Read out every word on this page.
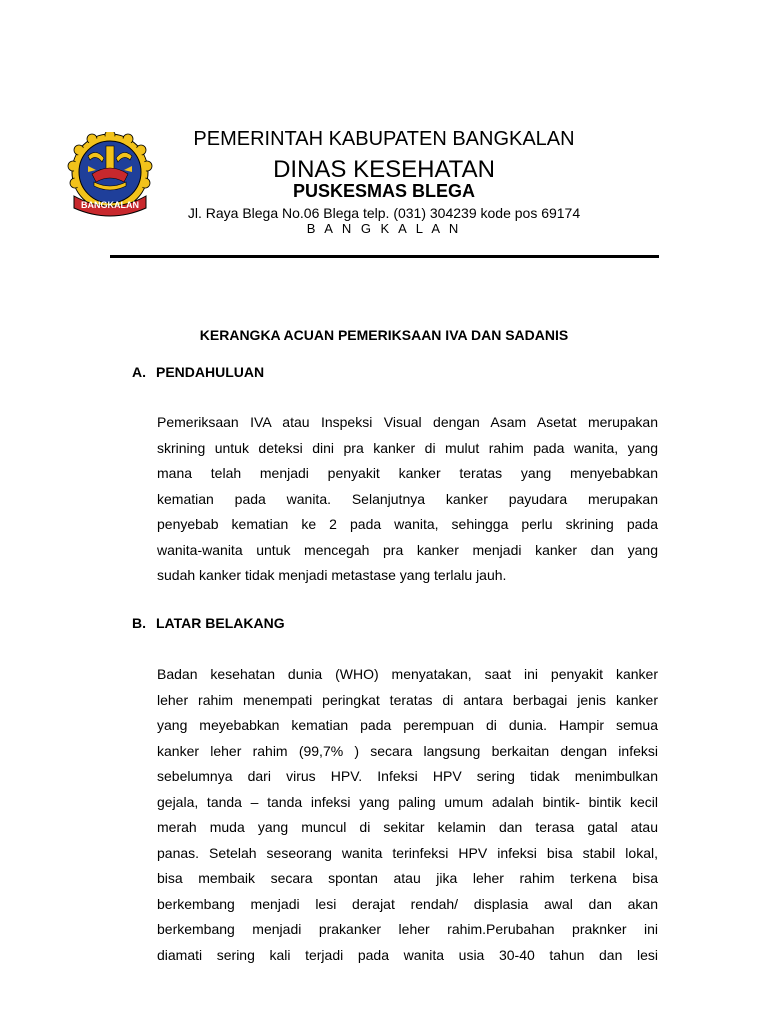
BANGKALAN
PEMERINTAH KABUPATEN BANGKALAN
DINAS KESEHATAN
PUSKESMAS BLEGA
Jl. Raya Blega No.06 Blega telp. (031) 304239 kode pos 69174
B A N G K A L A N
KERANGKA ACUAN PEMERIKSAAN IVA DAN SADANIS
A. PENDAHULUAN
Pemeriksaan IVA atau Inspeksi Visual dengan Asam Asetat merupakan
skrining untuk deteksi dini pra kanker di mulut rahim pada wanita, yang
mana telah menjadi penyakit kanker teratas yang menyebabkan
kematian pada wanita. Selanjutnya kanker payudara merupakan
penyebab kematian ke 2 pada wanita, sehingga perlu skrining pada
wanita-wanita untuk mencegah pra kanker menjadi kanker dan yang
sudah kanker tidak menjadi metastase yang terlalu jauh.
B. LATAR BELAKANG
Badan kesehatan dunia (WHO) menyatakan, saat ini penyakit kanker
leher rahim menempati peringkat teratas di antara berbagai jenis kanker
yang meyebabkan kematian pada perempuan di dunia. Hampir semua
kanker leher rahim (99,7% ) secara langsung berkaitan dengan infeksi
sebelumnya dari virus HPV. Infeksi HPV sering tidak menimbulkan
gejala, tanda – tanda infeksi yang paling umum adalah bintik- bintik kecil
merah muda yang muncul di sekitar kelamin dan terasa gatal atau
panas. Setelah seseorang wanita terinfeksi HPV infeksi bisa stabil lokal,
bisa membaik secara spontan atau jika leher rahim terkena bisa
berkembang menjadi lesi derajat rendah/ displasia awal dan akan
berkembang menjadi prakanker leher rahim.Perubahan praknker ini
diamati sering kali terjadi pada wanita usia 30-40 tahun dan lesi
